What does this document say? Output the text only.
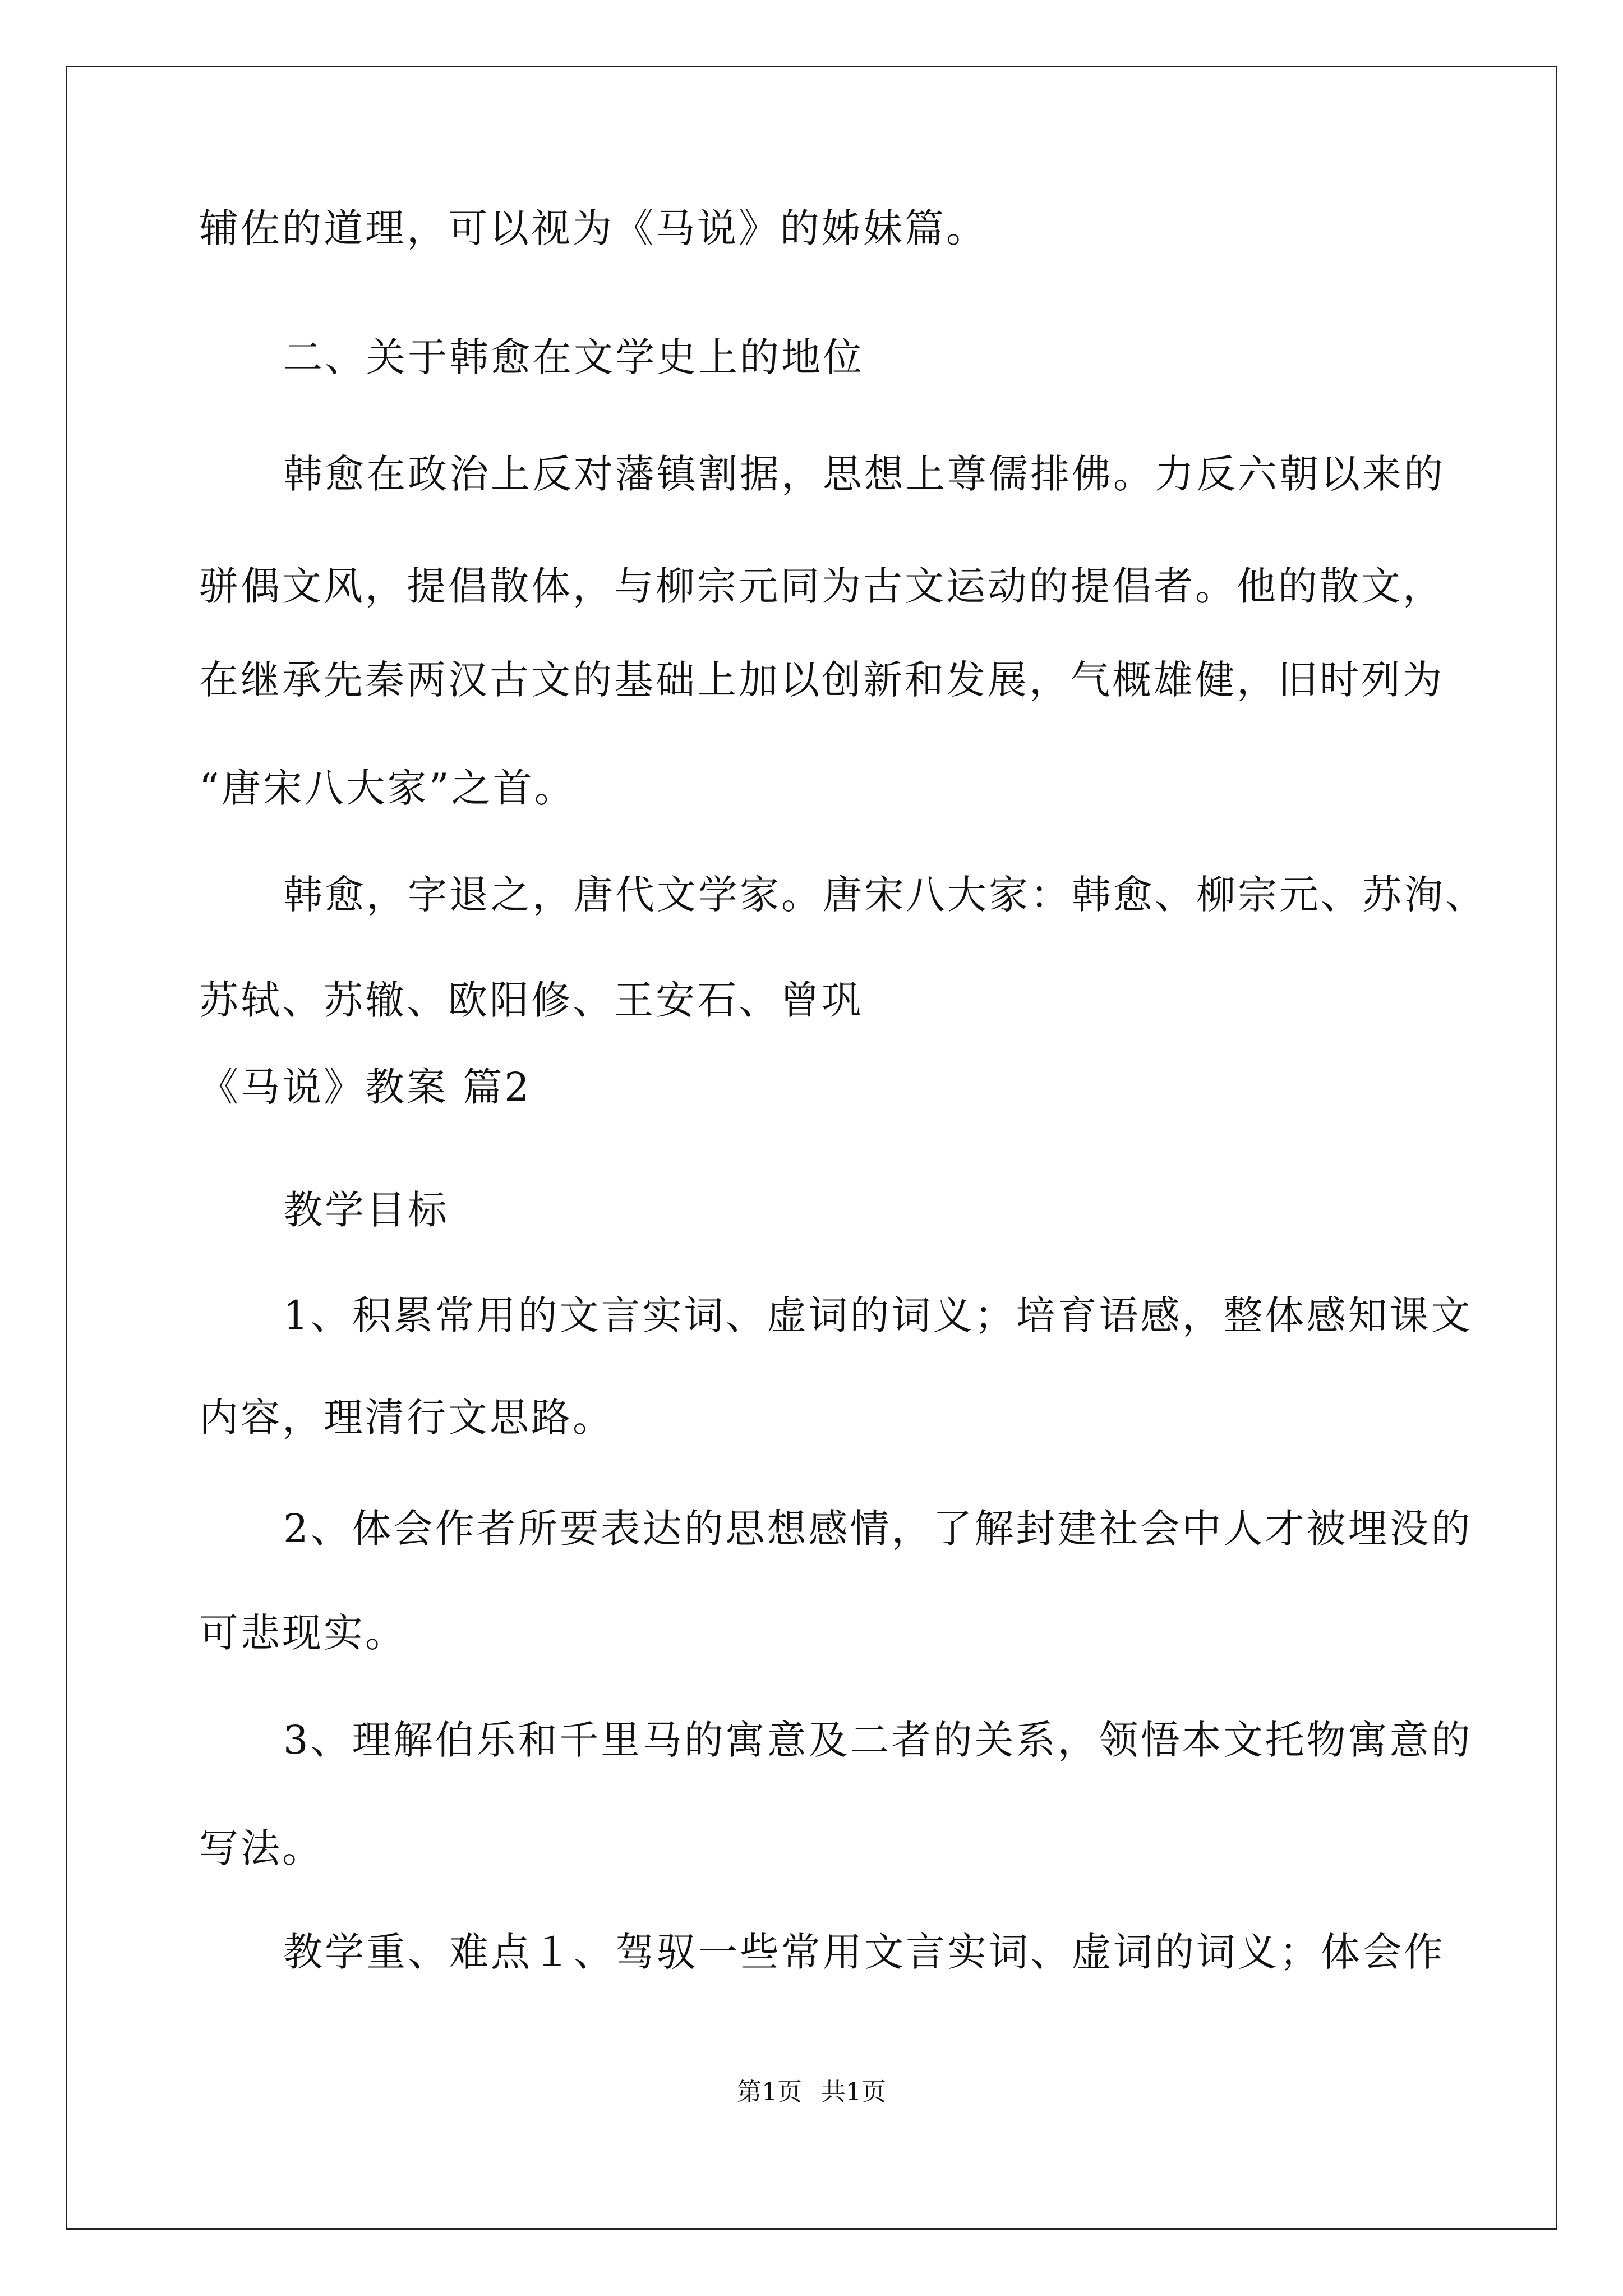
辅佐的道理，可以视为《马说》的姊妹篇。
二、关于韩愈在文学史上的地位
韩愈在政治上反对藩镇割据，思想上尊儒排佛。力反六朝以来的
骈偶文风，提倡散体，与柳宗元同为古文运动的提倡者。他的散文，
在继承先秦两汉古文的基础上加以创新和发展，气概雄健，旧时列为
“唐宋八大家”之首。
韩愈，字退之，唐代文学家。唐宋八大家：韩愈、柳宗元、苏洵、
苏轼、苏辙、欧阳修、王安石、曾巩
《马说》教案 篇2
教学目标
1、积累常用的文言实词、虚词的词义；培育语感，整体感知课文
内容，理清行文思路。
2、体会作者所要表达的思想感情，了解封建社会中人才被埋没的
可悲现实。
3、理解伯乐和千里马的寓意及二者的关系，领悟本文托物寓意的
写法。
教学重、难点１、驾驭一些常用文言实词、虚词的词义；体会作
第1页 共1页
